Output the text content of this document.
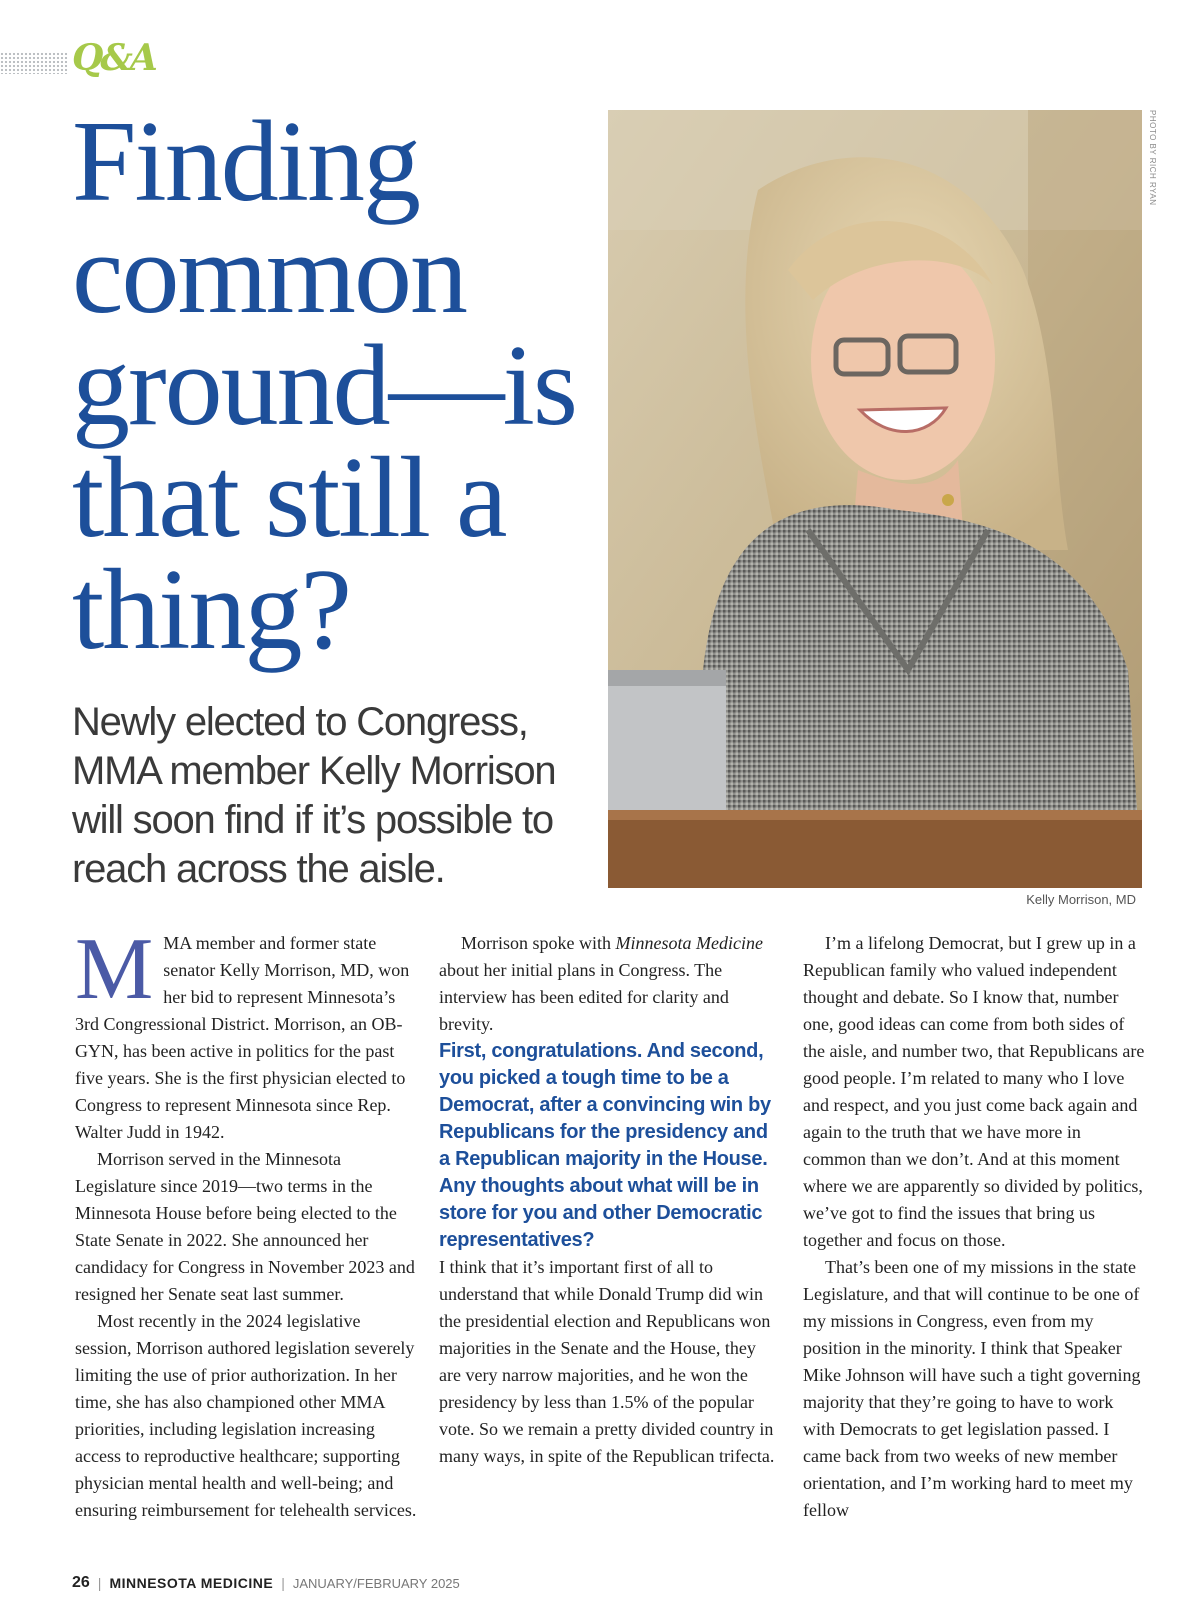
Q&A
Finding common ground—is that still a thing?
Newly elected to Congress, MMA member Kelly Morrison will soon find if it’s possible to reach across the aisle.
PHOTO BY RICH RYAN
Kelly Morrison, MD

MMA member and former state senator Kelly Morrison, MD, won her bid to represent Minnesota’s 3rd Congressional District. Morrison, an OB-GYN, has been active in politics for the past five years. She is the first physician elected to Congress to represent Minnesota since Rep. Walter Judd in 1942.

Morrison served in the Minnesota Legislature since 2019—two terms in the Minnesota House before being elected to the State Senate in 2022. She announced her candidacy for Congress in November 2023 and resigned her Senate seat last summer.

Most recently in the 2024 legislative session, Morrison authored legislation severely limiting the use of prior authorization. In her time, she has also championed other MMA priorities, including legislation increasing access to reproductive healthcare; supporting physician mental health and well-being; and ensuring reimbursement for telehealth services.

Morrison spoke with Minnesota Medicine about her initial plans in Congress. The interview has been edited for clarity and brevity.

First, congratulations. And second, you picked a tough time to be a Democrat, after a convincing win by Republicans for the presidency and a Republican majority in the House. Any thoughts about what will be in store for you and other Democratic representatives?

I think that it’s important first of all to understand that while Donald Trump did win the presidential election and Republicans won majorities in the Senate and the House, they are very narrow majorities, and he won the presidency by less than 1.5% of the popular vote. So we remain a pretty divided country in many ways, in spite of the Republican trifecta.

I’m a lifelong Democrat, but I grew up in a Republican family who valued independent thought and debate. So I know that, number one, good ideas can come from both sides of the aisle, and number two, that Republicans are good people. I’m related to many who I love and respect, and you just come back again and again to the truth that we have more in common than we don’t. And at this moment where we are apparently so divided by politics, we’ve got to find the issues that bring us together and focus on those.

That’s been one of my missions in the state Legislature, and that will continue to be one of my missions in Congress, even from my position in the minority. I think that Speaker Mike Johnson will have such a tight governing majority that they’re going to have to work with Democrats to get legislation passed. I came back from two weeks of new member orientation, and I’m working hard to meet my fellow

26 | MINNESOTA MEDICINE | JANUARY/FEBRUARY 2025
